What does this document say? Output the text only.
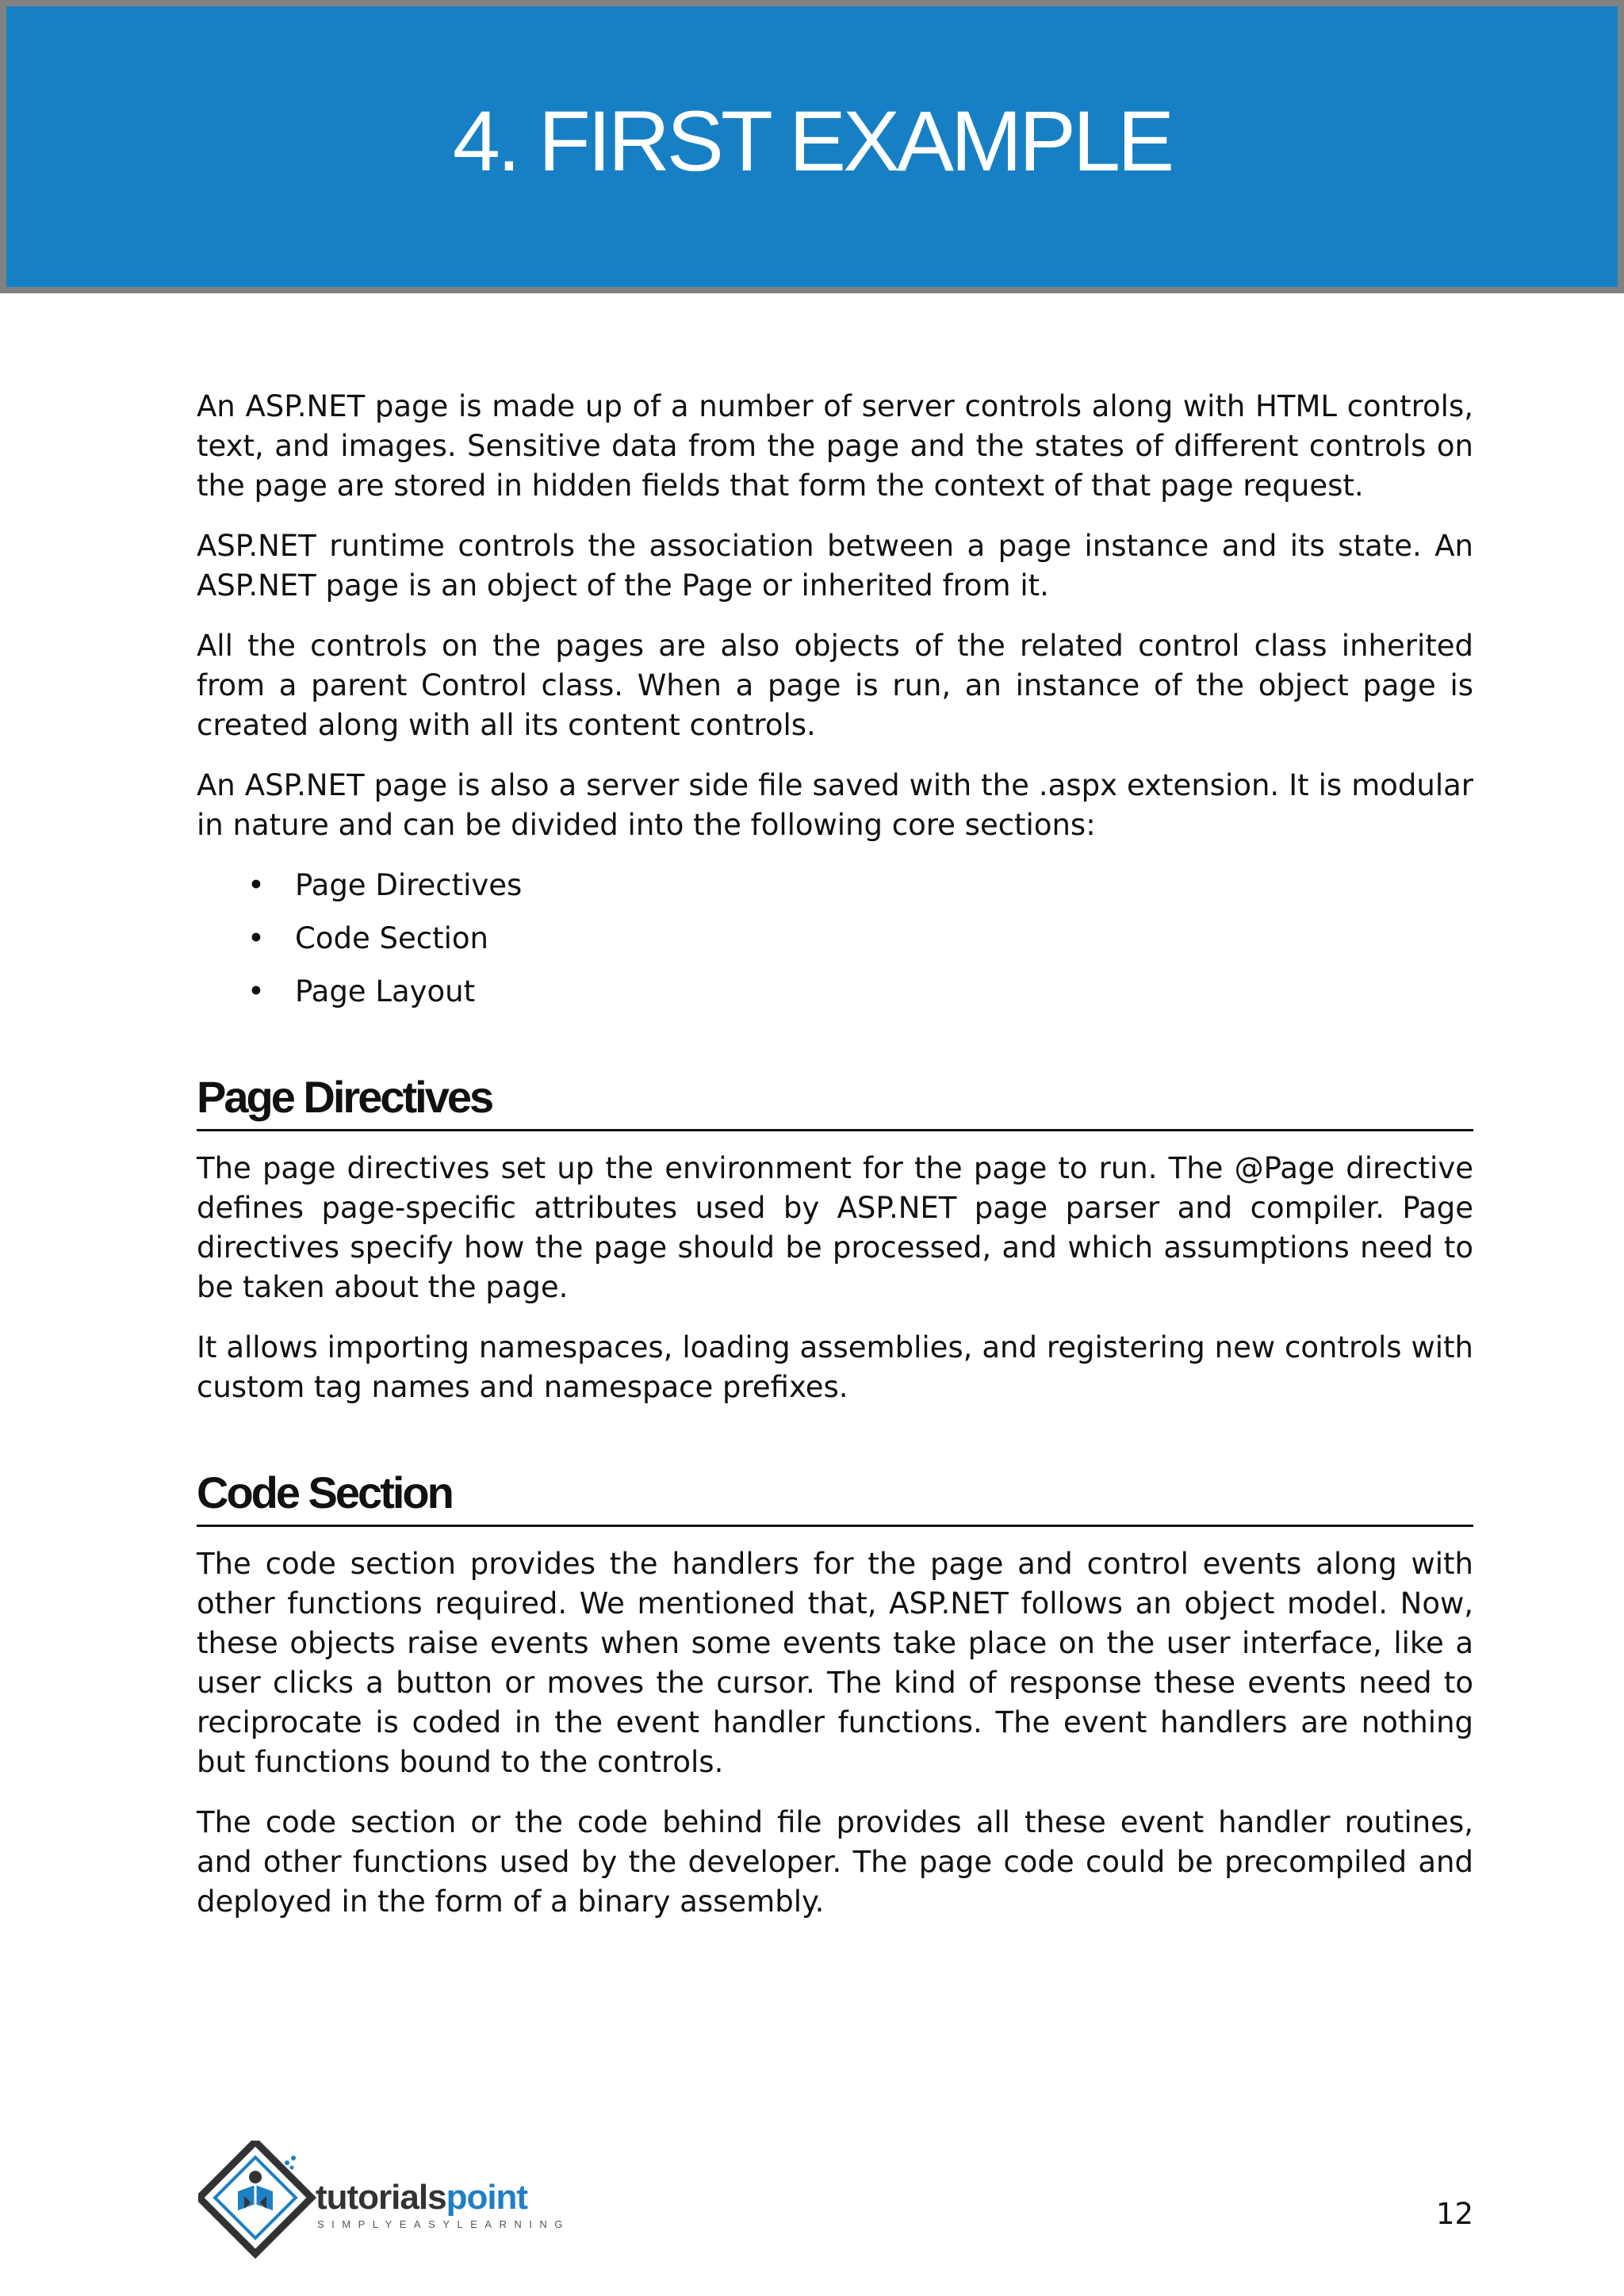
4. FIRST EXAMPLE

An ASP.NET page is made up of a number of server controls along with HTML controls, text, and images. Sensitive data from the page and the states of different controls on the page are stored in hidden fields that form the context of that page request.

ASP.NET runtime controls the association between a page instance and its state. An ASP.NET page is an object of the Page or inherited from it.

All the controls on the pages are also objects of the related control class inherited from a parent Control class. When a page is run, an instance of the object page is created along with all its content controls.

An ASP.NET page is also a server side file saved with the .aspx extension. It is modular in nature and can be divided into the following core sections:

• Page Directives
• Code Section
• Page Layout
Page Directives

The page directives set up the environment for the page to run. The @Page directive defines page-specific attributes used by ASP.NET page parser and compiler. Page directives specify how the page should be processed, and which assumptions need to be taken about the page.

It allows importing namespaces, loading assemblies, and registering new controls with custom tag names and namespace prefixes.

Code Section

The code section provides the handlers for the page and control events along with other functions required. We mentioned that, ASP.NET follows an object model. Now, these objects raise events when some events take place on the user interface, like a user clicks a button or moves the cursor. The kind of response these events need to reciprocate is coded in the event handler functions. The event handlers are nothing but functions bound to the controls.

The code section or the code behind file provides all these event handler routines, and other functions used by the developer. The page code could be precompiled and deployed in the form of a binary assembly.

tutorialspoint
SIMPLYEASYLEARNING	12
